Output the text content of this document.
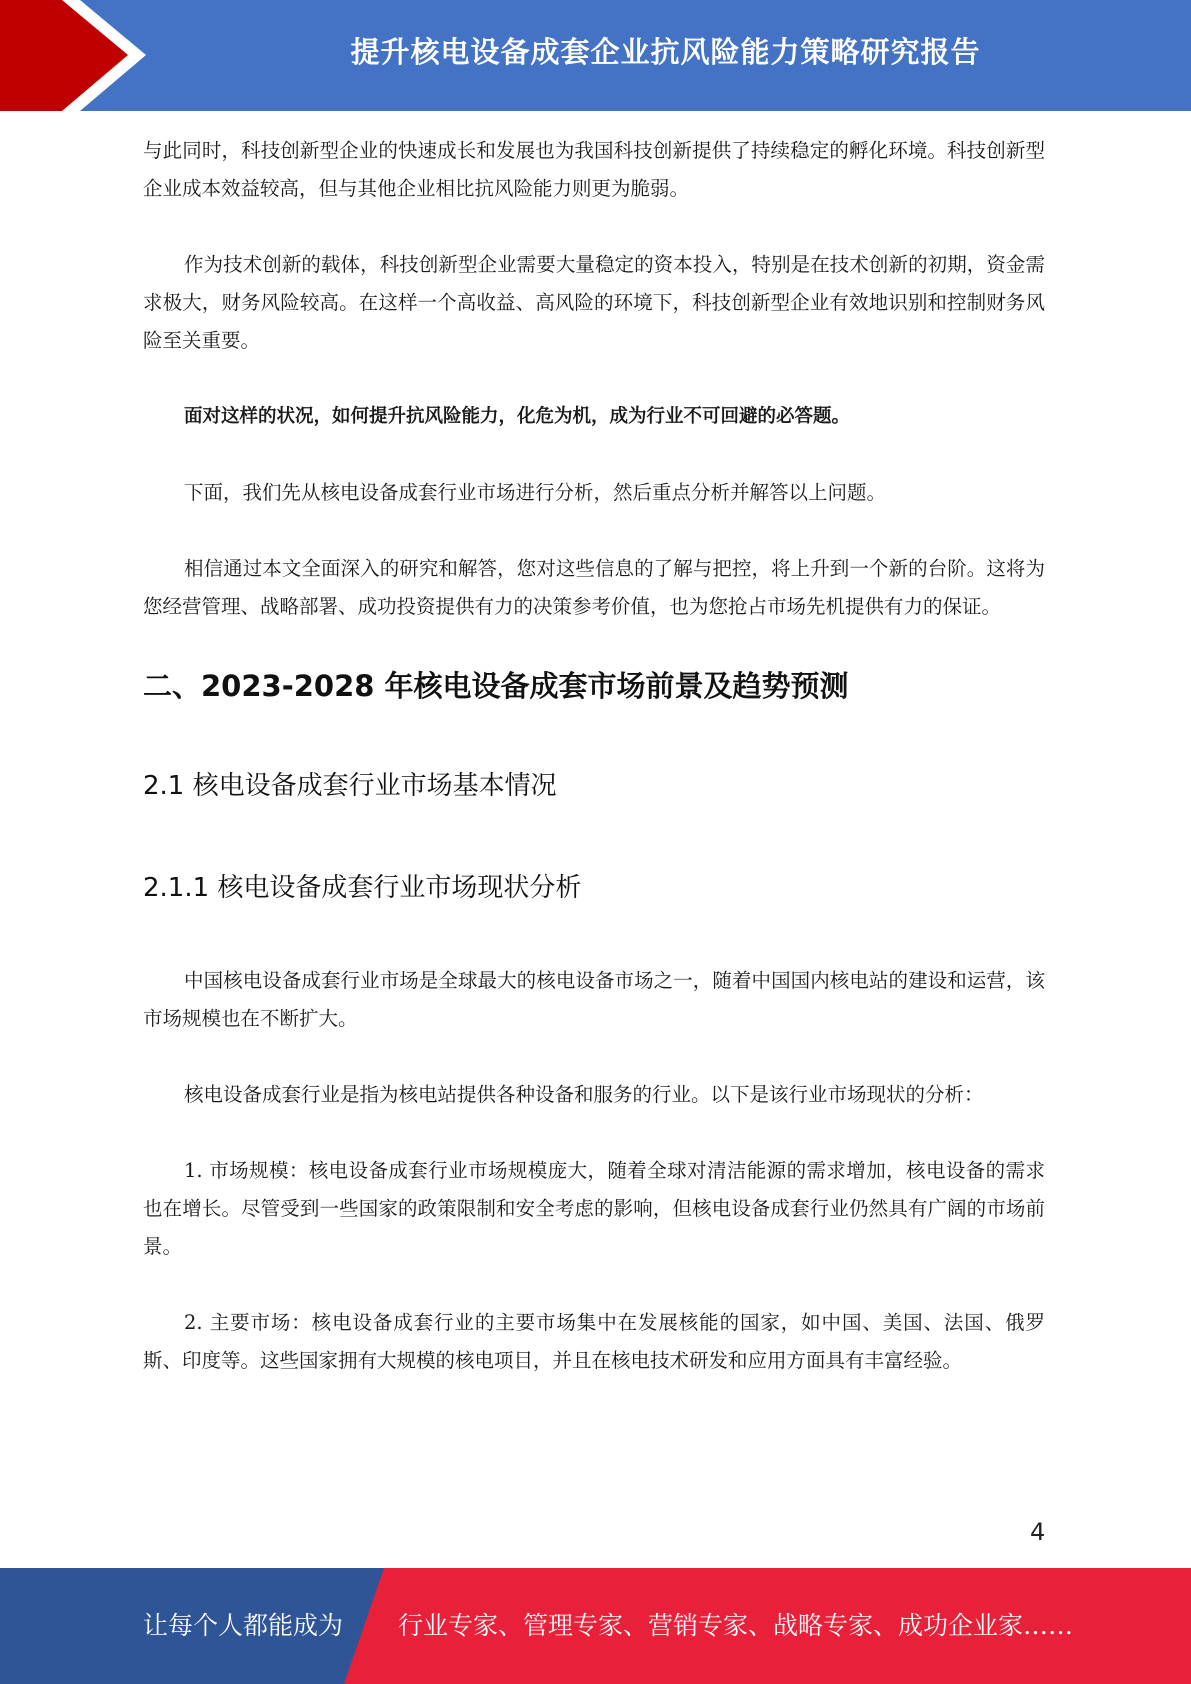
提升核电设备成套企业抗风险能力策略研究报告

与此同时，科技创新型企业的快速成长和发展也为我国科技创新提供了持续稳定的孵化环境。科技创新型企业成本效益较高，但与其他企业相比抗风险能力则更为脆弱。

作为技术创新的载体，科技创新型企业需要大量稳定的资本投入，特别是在技术创新的初期，资金需求极大，财务风险较高。在这样一个高收益、高风险的环境下，科技创新型企业有效地识别和控制财务风险至关重要。

面对这样的状况，如何提升抗风险能力，化危为机，成为行业不可回避的必答题。

下面，我们先从核电设备成套行业市场进行分析，然后重点分析并解答以上问题。

相信通过本文全面深入的研究和解答，您对这些信息的了解与把控，将上升到一个新的台阶。这将为您经营管理、战略部署、成功投资提供有力的决策参考价值，也为您抢占市场先机提供有力的保证。

二、2023-2028 年核电设备成套市场前景及趋势预测
2.1 核电设备成套行业市场基本情况
2.1.1 核电设备成套行业市场现状分析

中国核电设备成套行业市场是全球最大的核电设备市场之一，随着中国国内核电站的建设和运营，该市场规模也在不断扩大。

核电设备成套行业是指为核电站提供各种设备和服务的行业。以下是该行业市场现状的分析：

1. 市场规模：核电设备成套行业市场规模庞大，随着全球对清洁能源的需求增加，核电设备的需求也在增长。尽管受到一些国家的政策限制和安全考虑的影响，但核电设备成套行业仍然具有广阔的市场前景。

2. 主要市场：核电设备成套行业的主要市场集中在发展核能的国家，如中国、美国、法国、俄罗斯、印度等。这些国家拥有大规模的核电项目，并且在核电技术研发和应用方面具有丰富经验。

4
让每个人都能成为 行业专家、管理专家、营销专家、战略专家、成功企业家……
